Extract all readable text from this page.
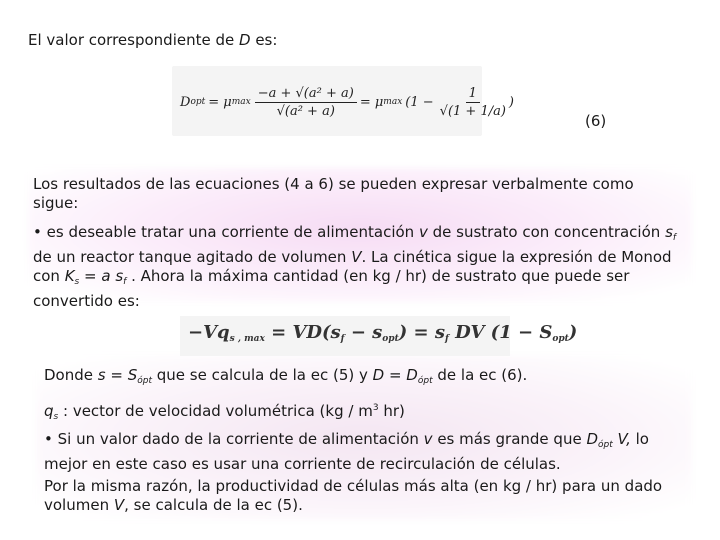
El valor correspondiente de D es:
D opt = μ $\max \frac{\text{−a + √(a² + a)}}{\text{√(a² + a)}} = \mu$ $\max (1 - \frac{1}{√(1 + 1/a)}$ )
(6)
Los resultados de las ecuaciones (4 a 6) se pueden expresar verbalmente como sigue:
• es deseable tratar una corriente de alimentación v de sustrato con concentración $s_f$ de un reactor tanque agitado de volumen V. La cinética sigue la expresión de Monod con $K_s = a$ $s_f$ . Ahora la máxima cantidad (en kg / hr) de sustrato que puede ser convertido es:
$-Vq_{s , max} = VD(s_f - s_{opt}) = s_f$ DV $(1 - S_{opt})$
Donde $s = S_{ópt}$ que se calcula de la ec (5) y $D = D_{ópt}$ de la ec (6).
$q_s$ : vector de velocidad volumétrica ($kg / m^3$ hr)
• Si un valor dado de la corriente de alimentación v es más grande que $D_{ópt}$ V, lo mejor en este caso es usar una corriente de recirculación de células.
Por la misma razón, la productividad de células más alta (en kg / hr) para un dado volumen V, se calcula de la ec (5).
